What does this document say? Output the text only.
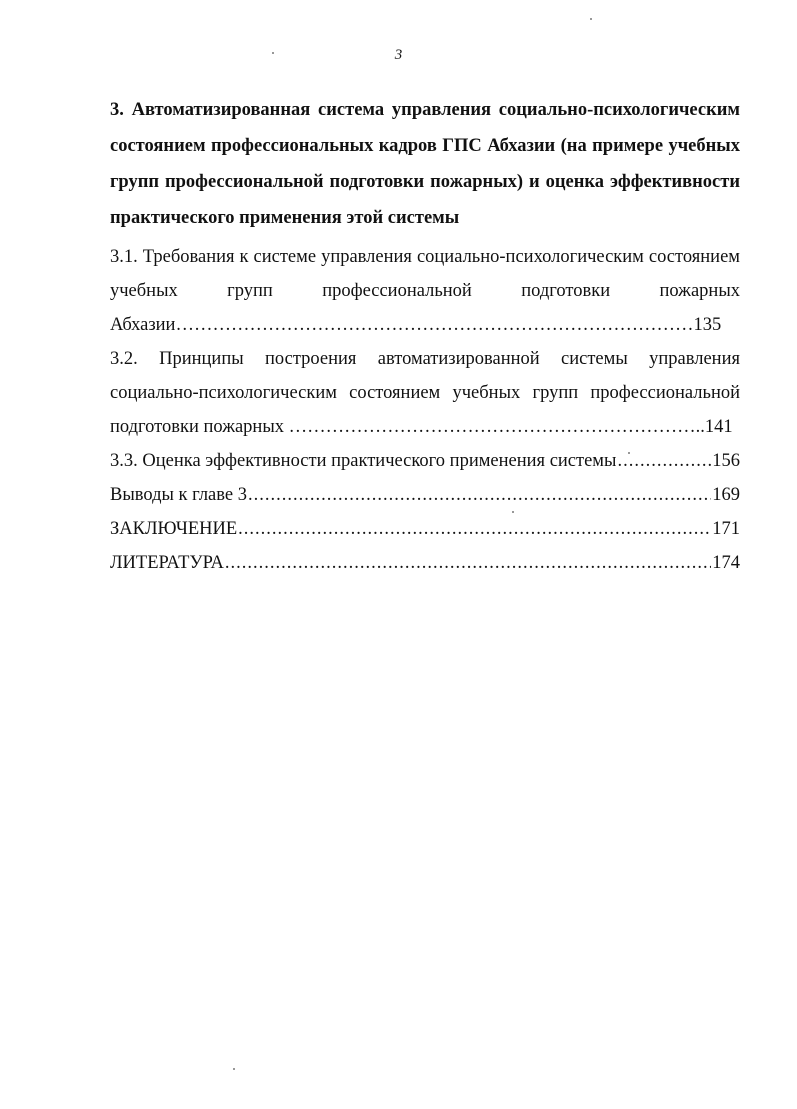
3
3. Автоматизированная система управления социально-психологическим состоянием профессиональных кадров ГПС Абхазии (на примере учебных групп профессиональной подготовки пожарных) и оценка эффективности практического применения этой системы
3.1. Требования к системе управления социально-психологическим состоянием учебных групп профессиональной подготовки пожарных Абхазии…………………………………………………………………………135
3.2. Принципы построения автоматизированной системы управления социально-психологическим состоянием учебных групп профессиональной подготовки пожарных …………………………………………………………..141
3.3. Оценка эффективности практического применения системы .....	156
Выводы к главе 3 .....	169
ЗАКЛЮЧЕНИЕ .....	171
ЛИТЕРАТУРА .....	174
